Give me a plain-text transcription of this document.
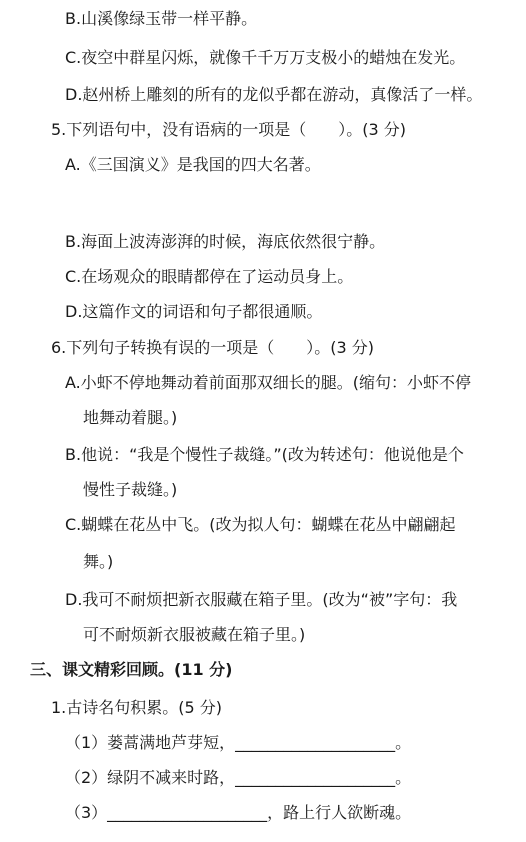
B.山溪像绿玉带一样平静。
C.夜空中群星闪烁，就像千千万万支极小的蜡烛在发光。
D.赵州桥上雕刻的所有的龙似乎都在游动，真像活了一样。
5.下列语句中，没有语病的一项是（　　）。(3 分)
A.《三国演义》是我国的四大名著。
B.海面上波涛澎湃的时候，海底依然很宁静。
C.在场观众的眼睛都停在了运动员身上。
D.这篇作文的词语和句子都很通顺。
6.下列句子转换有误的一项是（　　）。(3 分)
A.小虾不停地舞动着前面那双细长的腿。(缩句：小虾不停
地舞动着腿。)
B.他说：“我是个慢性子裁缝。”(改为转述句：他说他是个
慢性子裁缝。)
C.蝴蝶在花丛中飞。(改为拟人句：蝴蝶在花丛中翩翩起
舞。)
D.我可不耐烦把新衣服藏在箱子里。(改为“被”字句：我
可不耐烦新衣服被藏在箱子里。)
三、课文精彩回顾。(11 分)
1.古诗名句积累。(5 分)
（1）蒌蒿满地芦芽短，____________________。
（2）绿阴不减来时路，____________________。
（3）____________________，路上行人欲断魂。
